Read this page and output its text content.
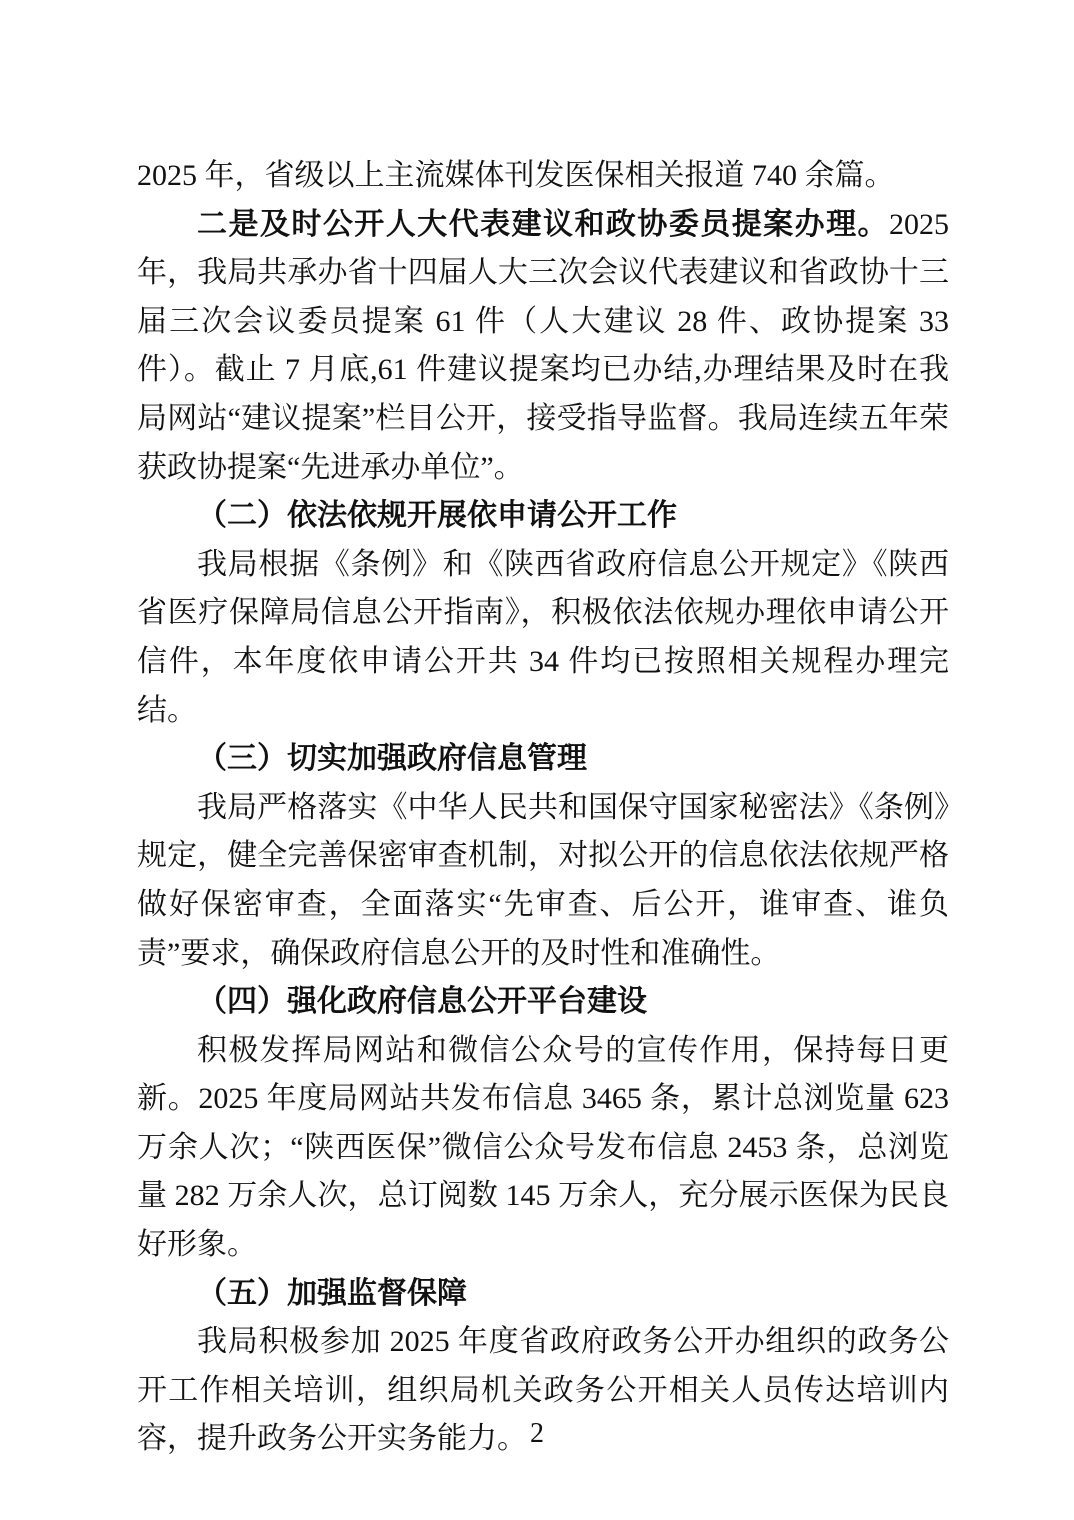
2025 年，省级以上主流媒体刊发医保相关报道 740 余篇。

二是及时公开人大代表建议和政协委员提案办理。2025 年，我局共承办省十四届人大三次会议代表建议和省政协十三届三次会议委员提案 61 件（人大建议 28 件、政协提案 33 件）。截止 7 月底,61 件建议提案均已办结,办理结果及时在我局网站“建议提案”栏目公开，接受指导监督。我局连续五年荣获政协提案“先进承办单位”。

（二）依法依规开展依申请公开工作

我局根据《条例》和《陕西省政府信息公开规定》《陕西省医疗保障局信息公开指南》，积极依法依规办理依申请公开信件，本年度依申请公开共 34 件均已按照相关规程办理完结。

（三）切实加强政府信息管理

我局严格落实《中华人民共和国保守国家秘密法》《条例》规定，健全完善保密审查机制，对拟公开的信息依法依规严格做好保密审查，全面落实“先审查、后公开，谁审查、谁负责”要求，确保政府信息公开的及时性和准确性。

（四）强化政府信息公开平台建设

积极发挥局网站和微信公众号的宣传作用，保持每日更新。2025 年度局网站共发布信息 3465 条，累计总浏览量 623 万余人次；“陕西医保”微信公众号发布信息 2453 条，总浏览量 282 万余人次，总订阅数 145 万余人，充分展示医保为民良好形象。

（五）加强监督保障

我局积极参加 2025 年度省政府政务公开办组织的政务公开工作相关培训，组织局机关政务公开相关人员传达培训内容，提升政务公开实务能力。 2
